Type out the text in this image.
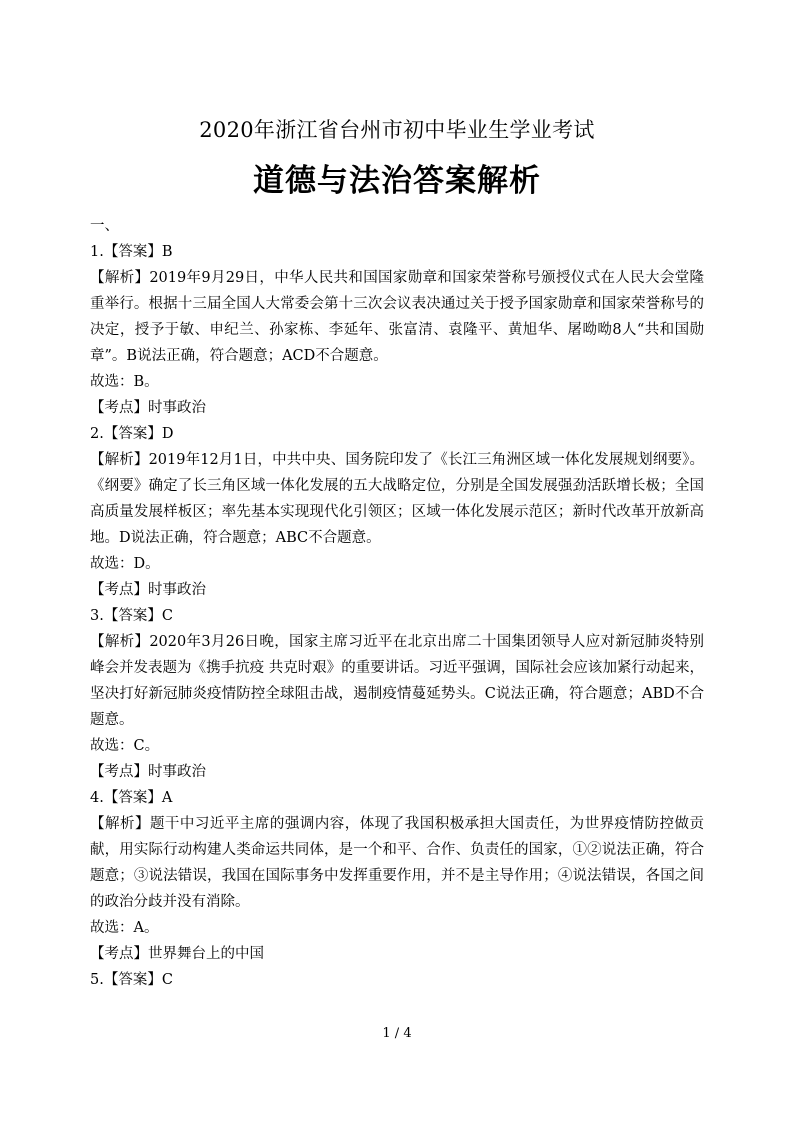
2020年浙江省台州市初中毕业生学业考试
道德与法治答案解析

一、

1.【答案】B

【解析】2019年9月29日，中华人民共和国国家勋章和国家荣誉称号颁授仪式在人民大会堂隆重举行。根据十三届全国人大常委会第十三次会议表决通过关于授予国家勋章和国家荣誉称号的决定，授予于敏、申纪兰、孙家栋、李延年、张富清、袁隆平、黄旭华、屠呦呦8人“共和国勋章”。B说法正确，符合题意；ACD不合题意。

故选：B。

【考点】时事政治

2.【答案】D

【解析】2019年12月1日，中共中央、国务院印发了《长江三角洲区域一体化发展规划纲要》。《纲要》确定了长三角区域一体化发展的五大战略定位，分别是全国发展强劲活跃增长极；全国高质量发展样板区；率先基本实现现代化引领区；区域一体化发展示范区；新时代改革开放新高地。D说法正确，符合题意；ABC不合题意。

故选：D。

【考点】时事政治

3.【答案】C

【解析】2020年3月26日晚，国家主席习近平在北京出席二十国集团领导人应对新冠肺炎特别峰会并发表题为《携手抗疫 共克时艰》的重要讲话。习近平强调，国际社会应该加紧行动起来，坚决打好新冠肺炎疫情防控全球阻击战，遏制疫情蔓延势头。C说法正确，符合题意；ABD不合题意。

故选：C。

【考点】时事政治

4.【答案】A

【解析】题干中习近平主席的强调内容，体现了我国积极承担大国责任，为世界疫情防控做贡献，用实际行动构建人类命运共同体，是一个和平、合作、负责任的国家，①②说法正确，符合题意；③说法错误，我国在国际事务中发挥重要作用，并不是主导作用；④说法错误，各国之间的政治分歧并没有消除。

故选：A。

【考点】世界舞台上的中国

5.【答案】C

1 / 4
